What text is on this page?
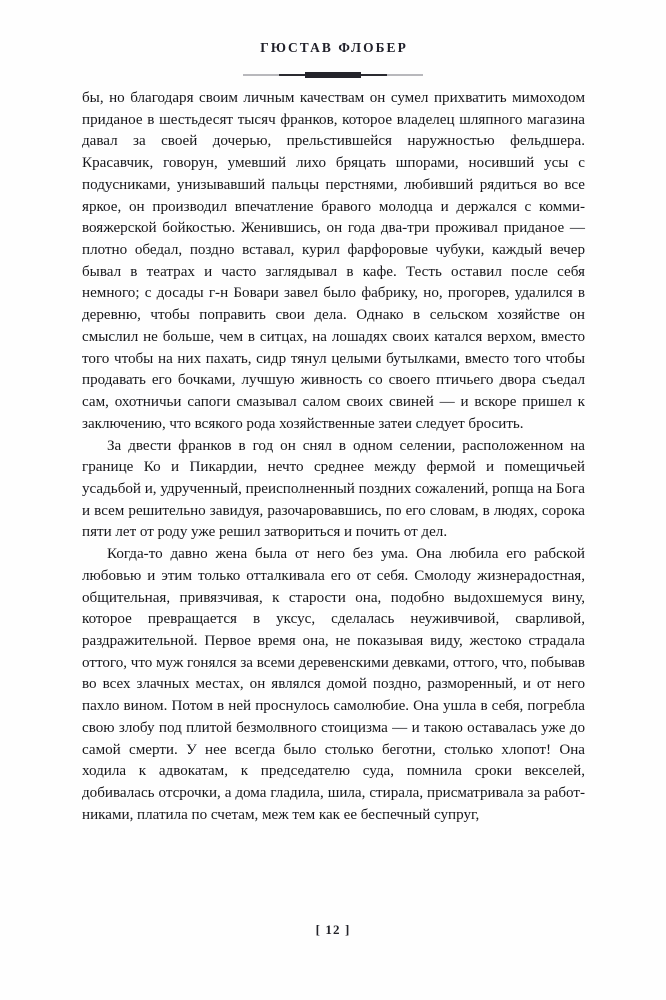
ГЮСТАВ ФЛОБЕР

бы, но благодаря своим личным качествам он сумел прихватить мимоходом приданое в шестьдесят тысяч франков, которое владелец шляпного магазина давал за своей дочерью, прельстившейся наружностью фельдшера. Красавчик, говорун, умевший лихо бряцать шпорами, носивший усы с подусниками, унизывавший пальцы перстнями, любивший рядиться во все яркое, он производил впечатление бравого молодца и держался с коммивояжерской бойкостью. Женившись, он года два-три проживал приданое — плотно обедал, поздно вставал, курил фарфоровые чубуки, каждый вечер бывал в театрах и часто заглядывал в кафе. Тесть оставил после себя немного; с досады г-н Бовари завел было фабрику, но, прогорев, удалился в деревню, чтобы поправить свои дела. Однако в сельском хозяйстве он смыслил не больше, чем в ситцах, на лошадях своих катался верхом, вместо того чтобы на них пахать, сидр тянул целыми бутылками, вместо того чтобы продавать его бочками, лучшую живность со своего птичьего двора съедал сам, охотничьи сапоги смазывал салом своих свиней — и вскоре пришел к заключению, что всякого рода хозяйственные затеи следует бросить.

За двести франков в год он снял в одном селении, расположенном на границе Ко и Пикардии, нечто среднее между фермой и помещичьей усадьбой и, удрученный, преисполненный поздних сожалений, ропща на Бога и всем решительно завидуя, разочаровавшись, по его словам, в людях, сорока пяти лет от роду уже решил затвориться и почить от дел.

Когда-то давно жена была от него без ума. Она любила его рабской любовью и этим только отталкивала его от себя. Смолоду жизнерадостная, общительная, привязчивая, к старости она, подобно выдохшемуся вину, которое превращается в уксус, сделалась неуживчивой, сварливой, раздражительной. Первое время она, не показывая виду, жестоко страдала оттого, что муж гонялся за всеми деревенскими девками, оттого, что, побывав во всех злачных местах, он являлся домой поздно, разморенный, и от него пахло вином. Потом в ней проснулось самолюбие. Она ушла в себя, погребла свою злобу под плитой безмолвного стоицизма — и такою оставалась уже до самой смерти. У нее всегда было столько беготни, столько хлопот! Она ходила к адвокатам, к председателю суда, помнила сроки векселей, добивалась отсрочки, а дома гладила, шила, стирала, присматривала за работниками, платила по счетам, меж тем как ее беспечный супруг,

[ 12 ]
